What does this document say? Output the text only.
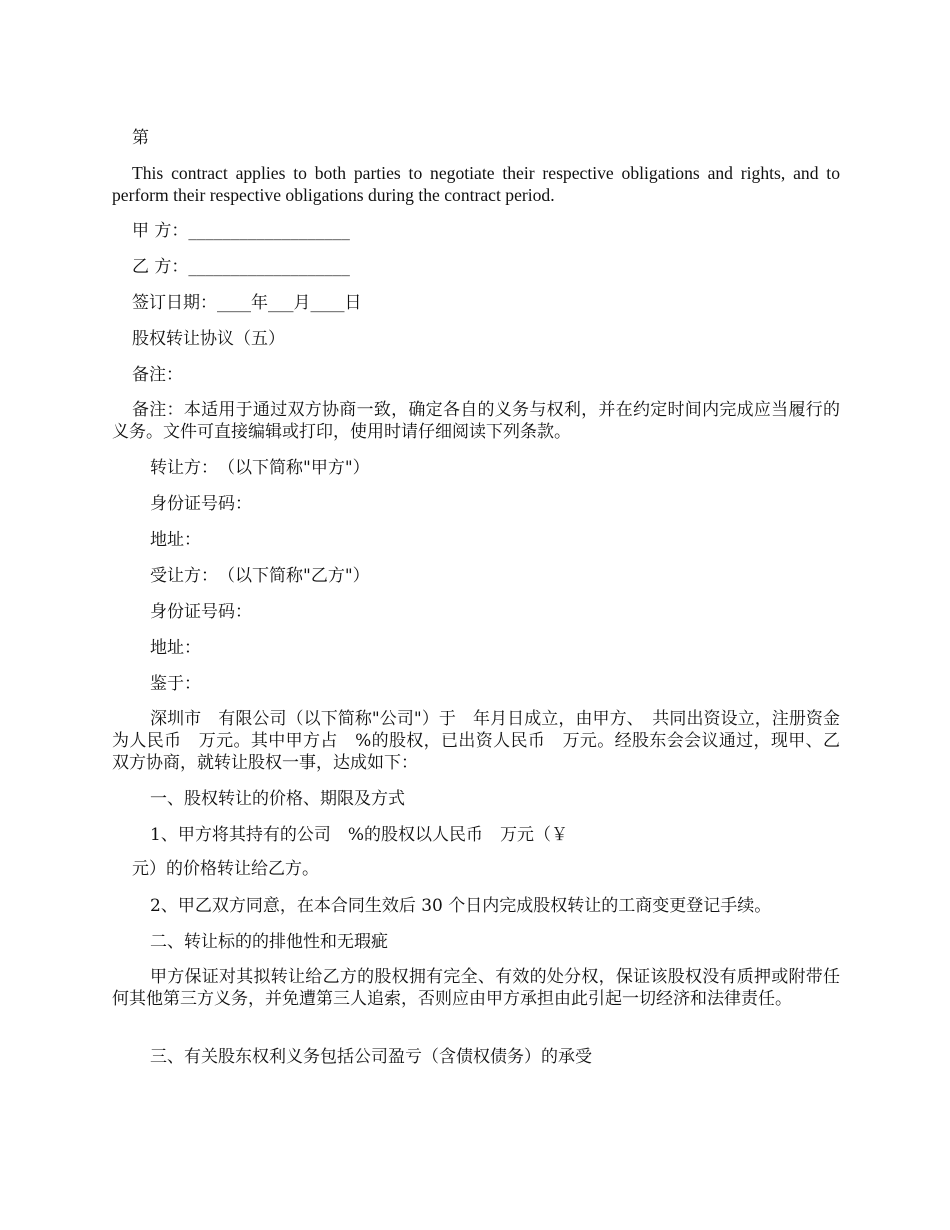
第
This contract applies to both parties to negotiate their respective obligations and rights, and to perform their respective obligations during the contract period.
甲 方：___________________
乙 方：___________________
签订日期：____年___月____日
股权转让协议（五）
备注：
备注：本适用于通过双方协商一致，确定各自的义务与权利，并在约定时间内完成应当履行的义务。文件可直接编辑或打印，使用时请仔细阅读下列条款。
转让方：　（以下简称"甲方"）
身份证号码：
地址：
受让方：　（以下简称"乙方"）
身份证号码：
地址：
鉴于：
深圳市　有限公司（以下简称"公司"）于　年月日成立，由甲方、　共同出资设立，注册资金为人民币　万元。其中甲方占　%的股权，已出资人民币　万元。经股东会会议通过，现甲、乙双方协商，就转让股权一事，达成如下：
一、股权转让的价格、期限及方式
1、甲方将其持有的公司　%的股权以人民币　万元（￥
元）的价格转让给乙方。
2、甲乙双方同意，在本合同生效后 30 个日内完成股权转让的工商变更登记手续。
二、转让标的的排他性和无瑕疵
甲方保证对其拟转让给乙方的股权拥有完全、有效的处分权，保证该股权没有质押或附带任何其他第三方义务，并免遭第三人追索，否则应由甲方承担由此引起一切经济和法律责任。
三、有关股东权利义务包括公司盈亏（含债权债务）的承受
